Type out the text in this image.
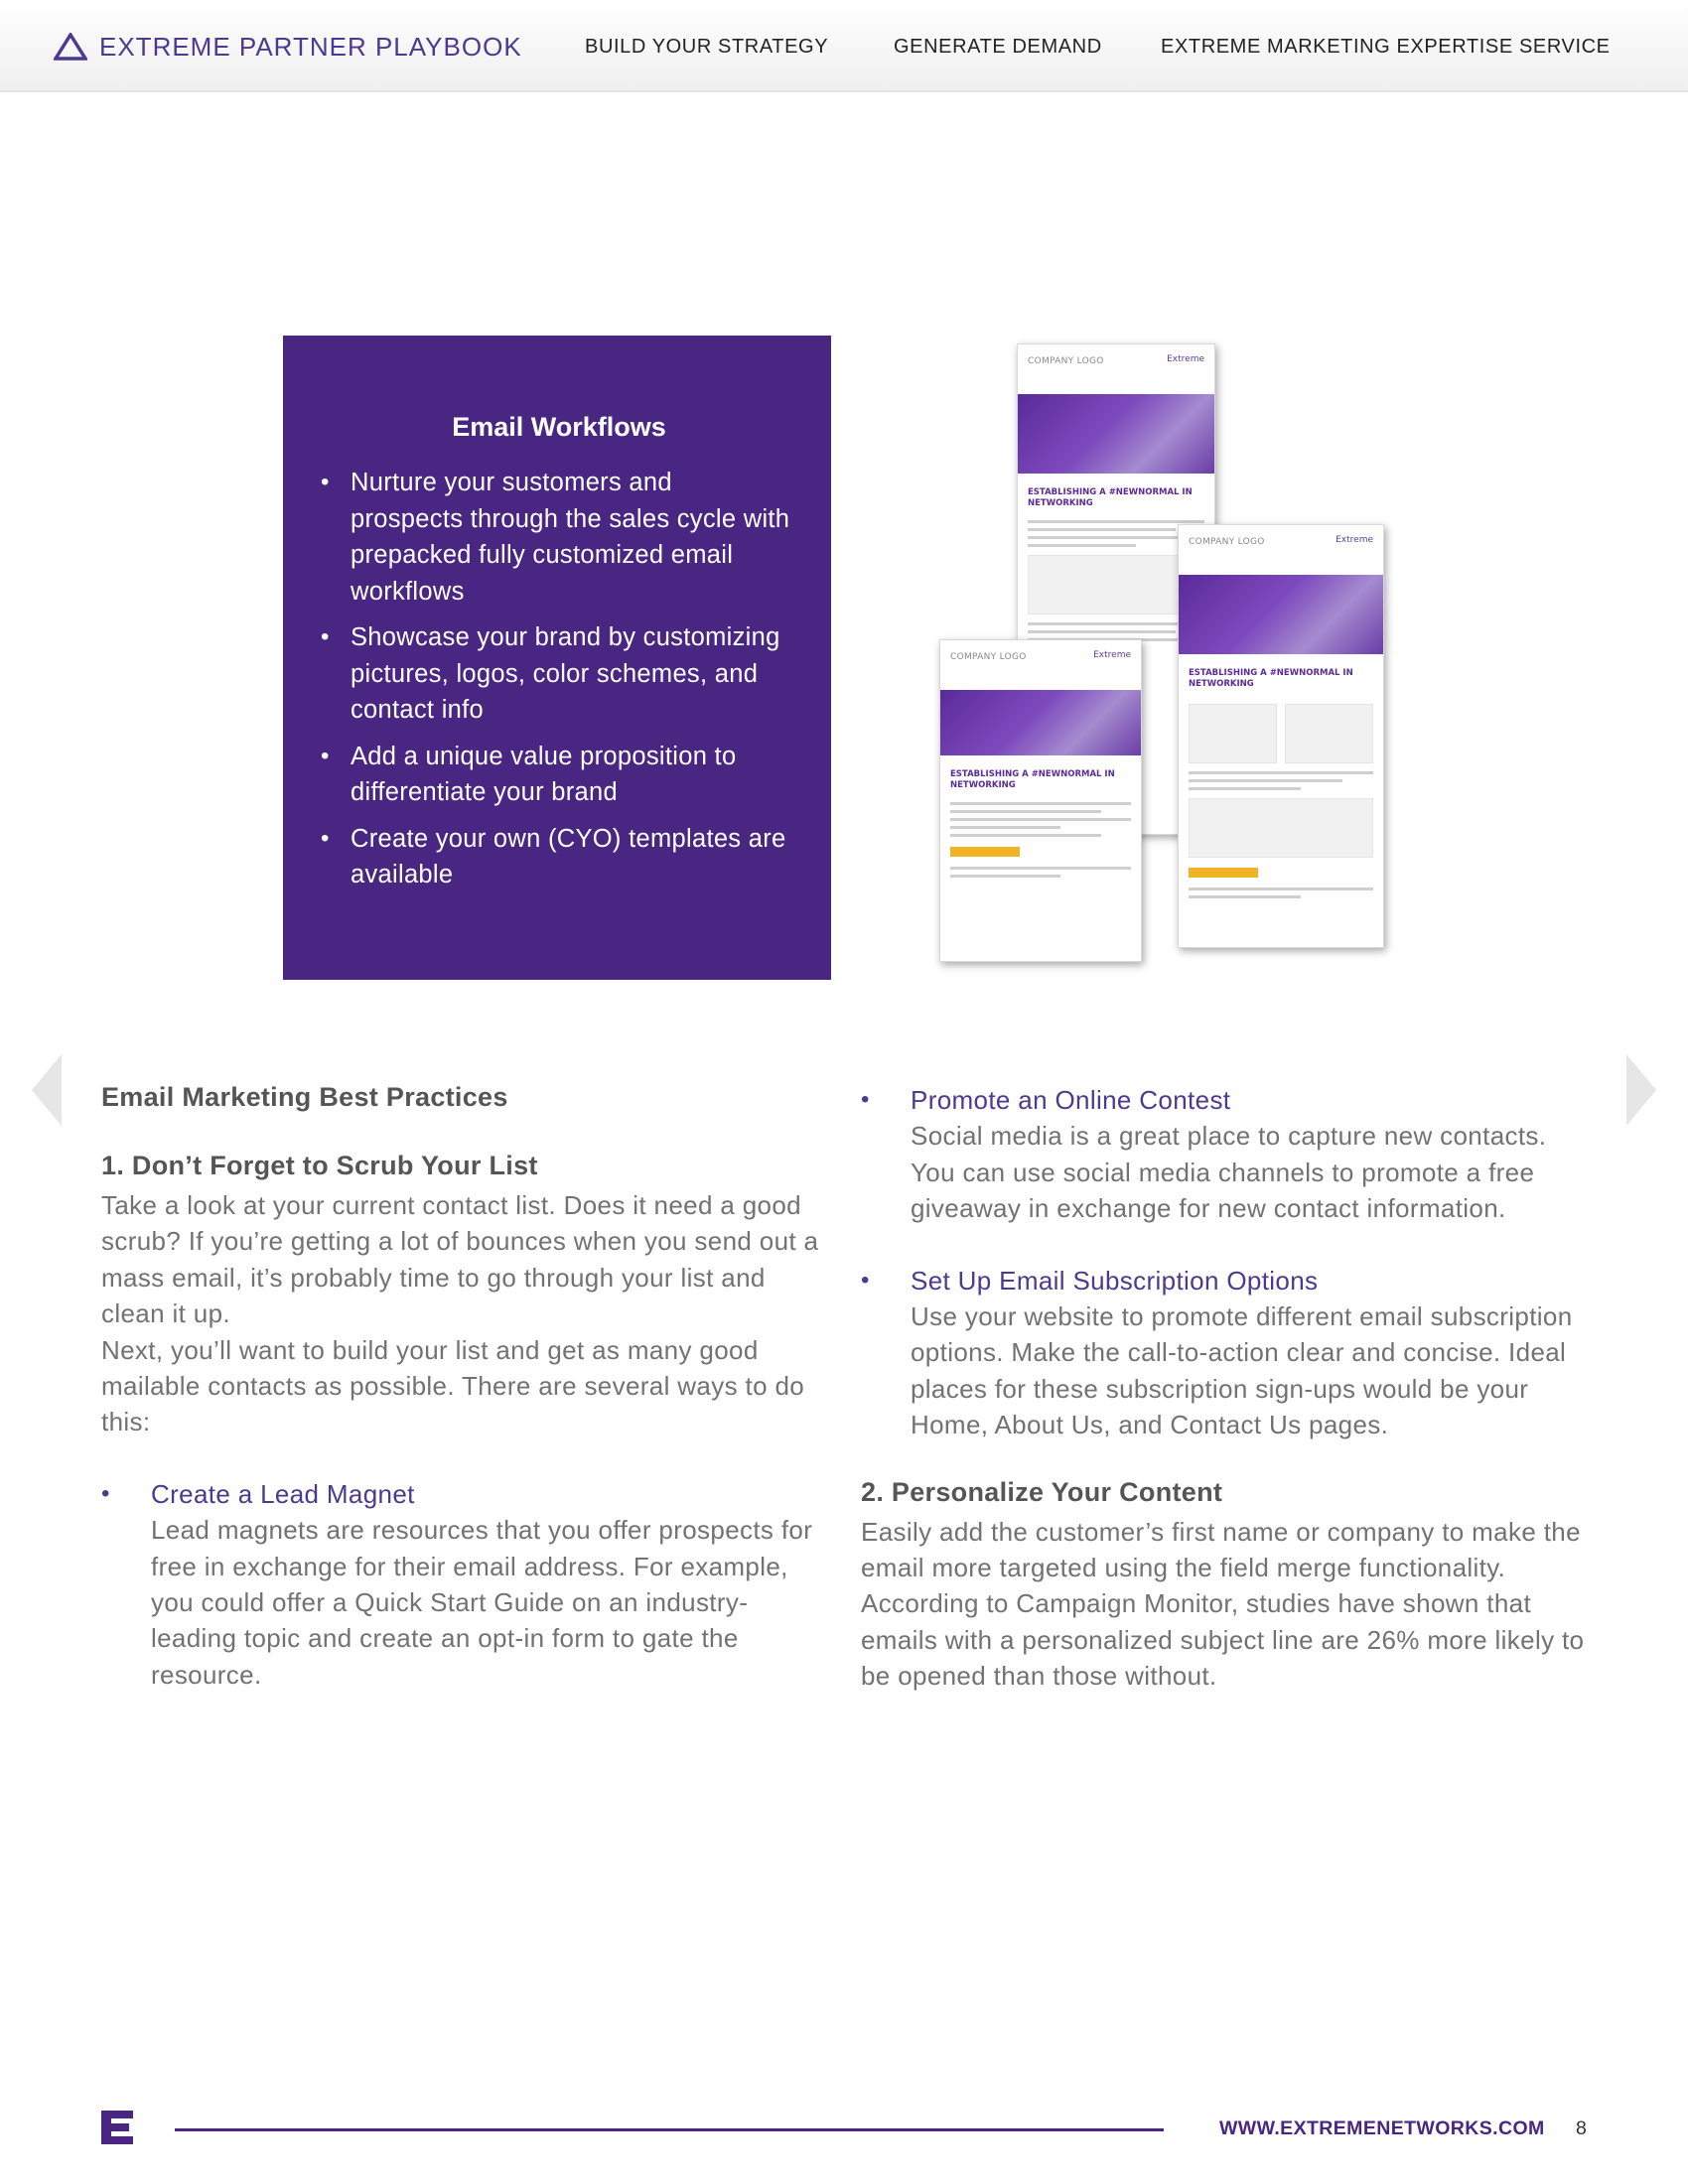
EXTREME PARTNER PLAYBOOK	BUILD YOUR STRATEGY	GENERATE DEMAND	EXTREME MARKETING EXPERTISE SERVICE
Email Workflows
• Nurture your sustomers and prospects through the sales cycle with prepacked fully customized email workflows
• Showcase your brand by customizing pictures, logos, color schemes, and contact info
• Add a unique value proposition to differentiate your brand
• Create your own (CYO) templates are available
COMPANY LOGO	Extreme
ESTABLISHING A #NEWNORMAL IN NETWORKING
COMPANY LOGO	Extreme
ESTABLISHING A #NEWNORMAL IN NETWORKING
COMPANY LOGO	Extreme
ESTABLISHING A #NEWNORMAL IN NETWORKING
Email Marketing Best Practices
1. Don’t Forget to Scrub Your List

Take a look at your current contact list. Does it need a good scrub? If you’re getting a lot of bounces when you send out a mass email, it’s probably time to go through your list and clean it up.

Next, you’ll want to build your list and get as many good mailable contacts as possible. There are several ways to do this:

• Create a Lead Magnet

Lead magnets are resources that you offer prospects for free in exchange for their email address. For example, you could offer a Quick Start Guide on an industry-leading topic and create an opt-in form to gate the resource.

• Promote an Online Contest

Social media is a great place to capture new contacts. You can use social media channels to promote a free giveaway in exchange for new contact information.

• Set Up Email Subscription Options

Use your website to promote different email subscription options. Make the call-to-action clear and concise. Ideal places for these subscription sign-ups would be your Home, About Us, and Contact Us pages.

2. Personalize Your Content

Easily add the customer’s first name or company to make the email more targeted using the field merge functionality. According to Campaign Monitor, studies have shown that emails with a personalized subject line are 26% more likely to be opened than those without.

WWW.EXTREMENETWORKS.COM 8
